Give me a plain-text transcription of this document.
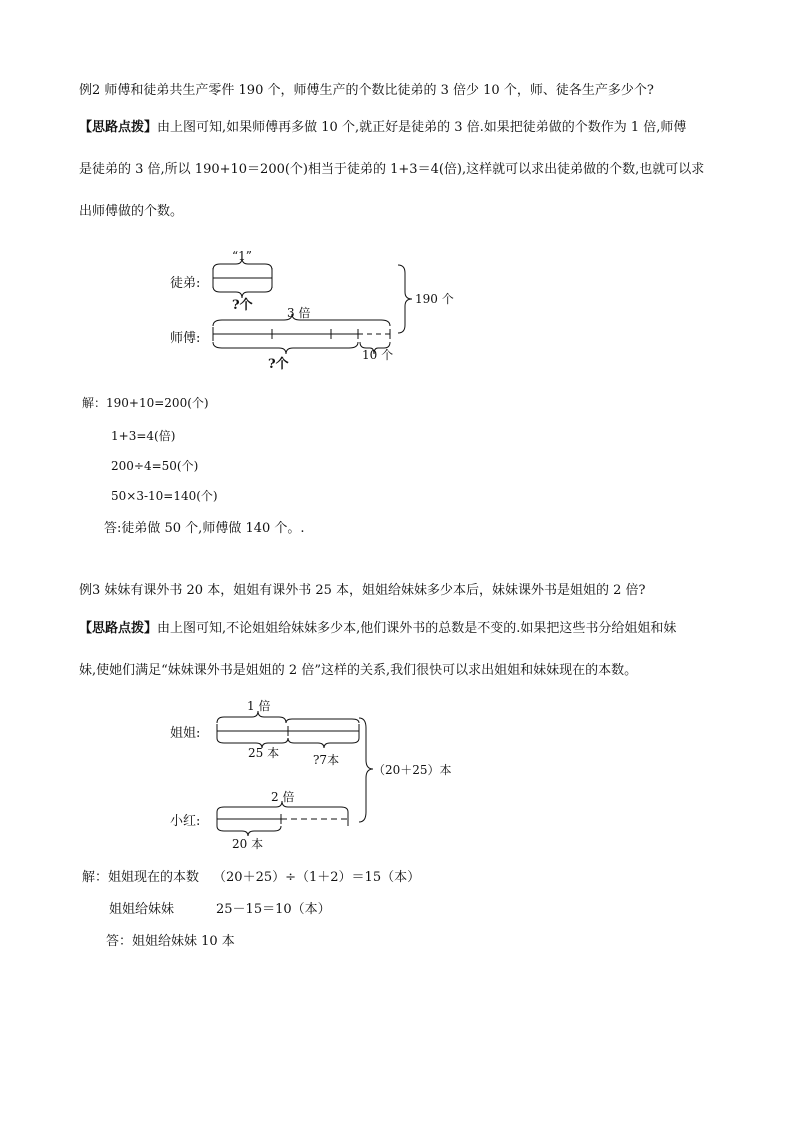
例2 师傅和徒弟共生产零件 190 个，师傅生产的个数比徒弟的 3 倍少 10 个，师、徒各生产多少个?
【思路点拨】由上图可知,如果师傅再多做 10 个,就正好是徒弟的 3 倍.如果把徒弟做的个数作为 1 倍,师傅
是徒弟的 3 倍,所以 190+10＝200(个)相当于徒弟的 1+3＝4(倍),这样就可以求出徒弟做的个数,也就可以求
出师傅做的个数。
徒弟:
“1”
?个
师傅:
3 倍
?个
10 个
190 个
姐姐:
1 倍
25 本	?7本
（20＋25）本
小红:
2 倍
20 本
解：190+10=200(个)
1+3=4(倍)
200÷4=50(个)
50×3-10=140(个)
答:徒弟做 50 个,师傅做 140 个。.
例3 妹妹有课外书 20 本，姐姐有课外书 25 本，姐姐给妹妹多少本后，妹妹课外书是姐姐的 2 倍?
【思路点拨】由上图可知,不论姐姐给妹妹多少本,他们课外书的总数是不变的.如果把这些书分给姐姐和妹
妹,使她们满足“妹妹课外书是姐姐的 2 倍”这样的关系,我们很快可以求出姐姐和妹妹现在的本数。
解：姐姐现在的本数 （20＋25）÷（1＋2）＝15（本）
姐姐给妹妹	25－15＝10（本）
答：姐姐给妹妹 10 本
